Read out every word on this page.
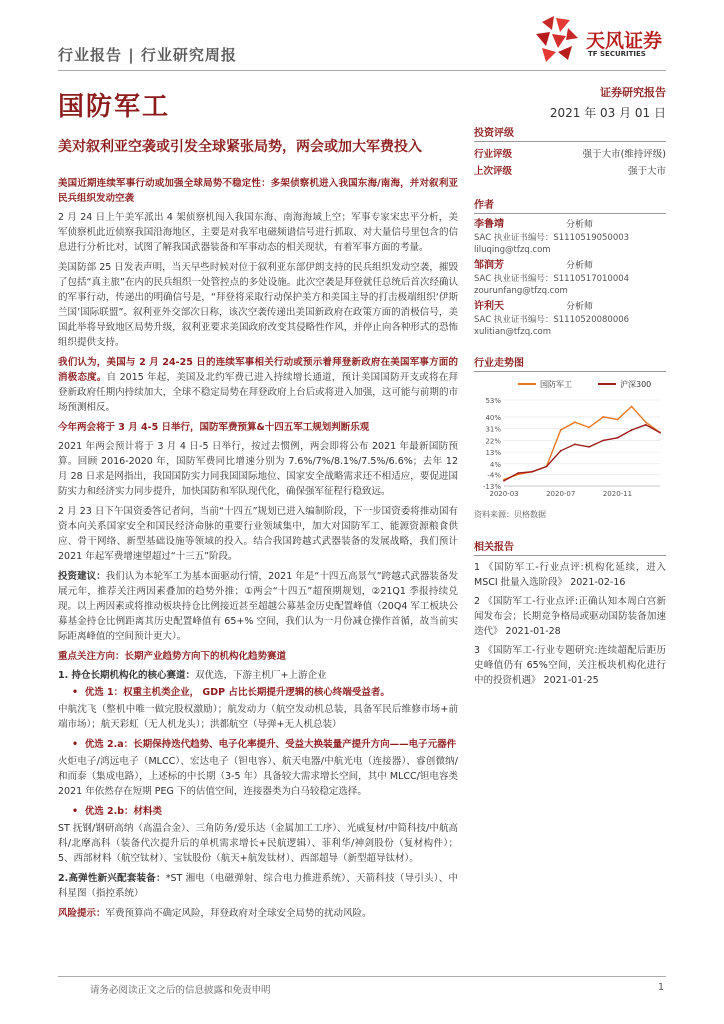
行业报告 | 行业研究周报
国防军工
天风证券
TF SECURITIES
证券研究报告
2021 年 03 月 01 日
美对叙利亚空袭或引发全球紧张局势，两会或加大军费投入

美国近期连续军事行动或加强全球局势不稳定性：多架侦察机进入我国东海/南海，并对叙利亚民兵组织发动空袭

2 月 24 日上午美军派出 4 架侦察机闯入我国东海、南海海域上空；军事专家宋忠平分析，美军侦察机此近侦察我国沿海地区，主要是对我军电磁频谱信号进行抓取、对大量信号里包含的信息进行分析比对，试图了解我国武器装备和军事动态的相关现状，有着军事方面的考量。

美国防部 25 日发表声明，当天早些时候对位于叙利亚东部伊朗支持的民兵组织发动空袭，摧毁了包括“真主旅”在内的民兵组织一处管控点的多处设施。此次空袭是拜登就任总统后首次经确认的军事行动，传递出的明确信号是，“拜登将采取行动保护美方和美国主导的打击极端组织‘伊斯兰国’国际联盟”。叙利亚外交部次日称，该次空袭传递出美国新政府在政策方面的消极信号，美国此举将导致地区局势升级，叙利亚要求美国政府改变其侵略性作风，并停止向各种形式的恐怖组织提供支持。

我们认为，美国与 2 月 24-25 日的连续军事相关行动或预示着拜登新政府在美国军事方面的消极态度。自 2015 年起，美国及北约军费已进入持续增长通道，预计美国国防开支或将在拜登新政府任期内持续加大，全球不稳定局势在拜登政府上台后或将进入加强，这可能与前期的市场预测相反。

今年两会将于 3 月 4-5 日举行，国防军费预算&十四五军工规划判断乐观

2021 年两会预计将于 3 月 4 日-5 日举行，按过去惯例，两会即将公布 2021 年最新国防预算。回顾 2016-2020 年，国防军费同比增速分别为 7.6%/7%/8.1%/7.5%/6.6%；去年 12 月 28 日求是网指出，我国国防实力同我国国际地位、国家安全战略需求还不相适应，要促进国防实力和经济实力同步提升，加快国防和军队现代化，确保强军征程行稳致远。

2 月 23 日下午国资委答记者问，当前“十四五”规划已进入编制阶段，下一步国资委将推动国有资本向关系国家安全和国民经济命脉的重要行业领域集中，加大对国防军工、能源资源粮食供应、骨干网络、新型基础设施等领域的投入。结合我国跨越式武器装备的发展战略，我们预计 2021 年起军费增速望超过“十三五”阶段。

投资建议：我们认为本轮军工为基本面驱动行情，2021 年是“十四五高景气”跨越式武器装备发展元年，推荐关注两因素叠加的趋势外推；①两会“十四五”超预期规划，②21Q1 季报持续兑现。以上两因素或将推动板块持仓比例接近甚至超越公募基金历史配置峰值（20Q4 军工板块公募基金持仓比例距离其历史配置峰值有 65+% 空间，我们认为一月份减仓操作首循，故当前实际距离峰值的空间预计更大）。

重点关注方向：长期产业趋势方向下的机构化趋势赛道

1. 持仓长期机构化的核心赛道：双优选，下游主机厂+上游企业

•  优选 1：权重主机类企业， GDP 占比长期提升逻辑的核心终端受益者。

中航沈飞（整机中唯一做完股权激励）；航发动力（航空发动机总装，具备军民后维修市场+前端市场）；航天彩虹（无人机龙头）；洪都航空（导弹+无人机总装）

•  优选 2.a：长期保持迭代趋势、电子化率提升、受益大换装量产提升方向——电子元器件

火炬电子/鸿远电子（MLCC）、宏达电子（钽电容）、航天电器/中航光电（连接器）、睿创微纳/和而泰（集成电路），上述标的中长期（3-5 年）具备较大需求增长空间，其中 MLCC/钽电容类 2021 年依然存在短期 PEG 下的估值空间，连接器类为白马较稳定选择。

•  优选 2.b：材料类

ST 抚钢/钢研高纳（高温合金）、三角防务/爱乐达（金属加工工序）、光威复材/中简科技/中航高科/北摩高科（装备代次提升后的单机需求增长+民航逻辑）、菲利华/神剑股份（复材构件）；5、西部材料（航空钛材）、宝钛股份（航天+航发钛材）、西部超导（新型超导钛材）。

2.高弹性新兴配套装备：*ST 湘电（电磁弹射、综合电力推进系统）、天箭科技（导引头）、中科星图（指控系统）

风险提示：军费预算尚不确定风险，拜登政府对全球安全局势的扰动风险。

投资评级
行业评级	强于大市(维持评级)
上次评级	强于大市
作者
李鲁靖	分析师
SAC 执业证书编号：S1110519050003
liluqing@tfzq.com
邹润芳	分析师
SAC 执业证书编号：S1110517010004
zourunfang@tfzq.com
许利天	分析师
SAC 执业证书编号：S1110520080006
xulitian@tfzq.com
行业走势图
国防军工	沪深300
-13%
-4%
4%
13%
22%
31%
40%
53%
2020-03	2020-07	2020-11
资料来源：贝格数据
相关报告

1 《国防军工-行业点评:机构化延续，进入 MSCI 批量入选阶段》 2021-02-16

2 《国防军工-行业点评:正确认知本周白宫新闻发布会；长期竞争格局或驱动国防装备加速迭代》 2021-01-28

3 《国防军工-行业专题研究:连续超配后距历史峰值仍有 65%空间，关注板块机构化进行中的投资机遇》 2021-01-25

请务必阅读正文之后的信息披露和免责申明	1
